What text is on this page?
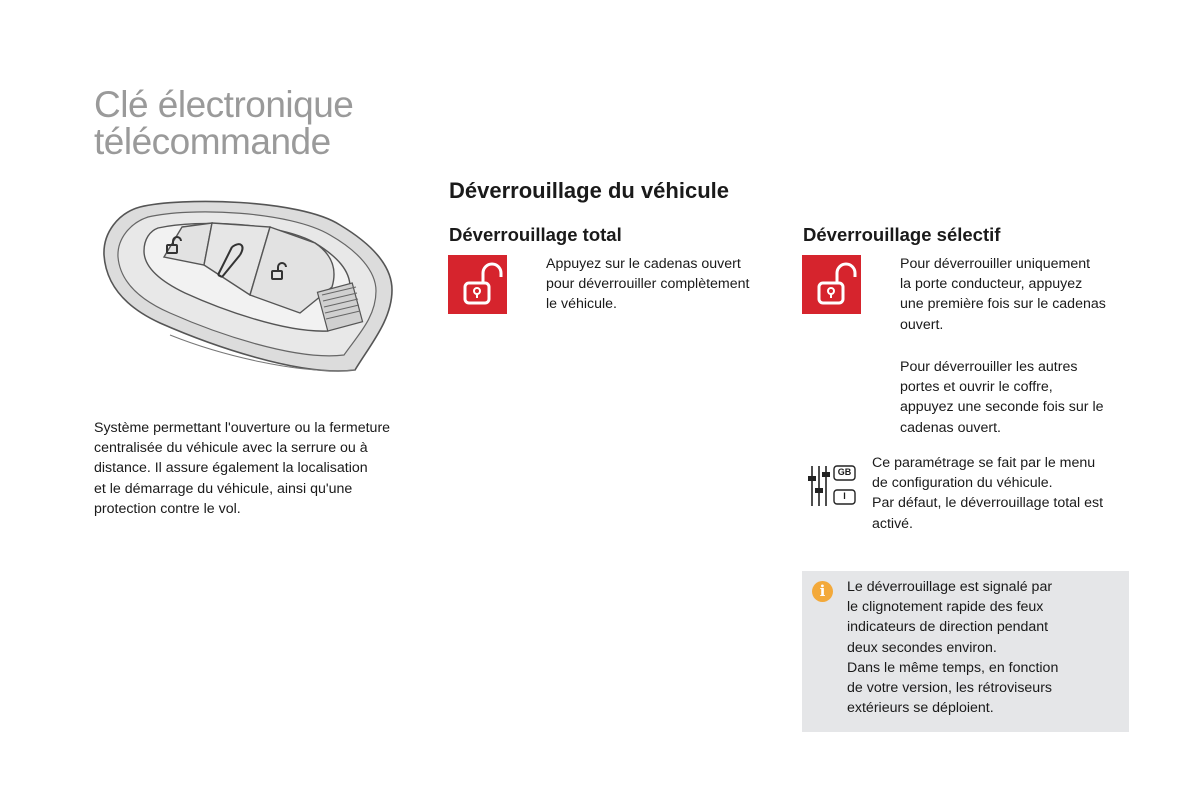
Clé électronique
télécommande
Système permettant l'ouverture ou la fermeture
centralisée du véhicule avec la serrure ou à
distance. Il assure également la localisation
et le démarrage du véhicule, ainsi qu'une
protection contre le vol.
Déverrouillage du véhicule
Déverrouillage total
Appuyez sur le cadenas ouvert
pour déverrouiller complètement
le véhicule.
Déverrouillage sélectif
Pour déverrouiller uniquement
la porte conducteur, appuyez
une première fois sur le cadenas
ouvert.
Pour déverrouiller les autres
portes et ouvrir le coffre,
appuyez une seconde fois sur le
cadenas ouvert.
GB
I
Ce paramétrage se fait par le menu
de configuration du véhicule.
Par défaut, le déverrouillage total est
activé.
i	Le déverrouillage est signalé par
le clignotement rapide des feux
indicateurs de direction pendant
deux secondes environ.
Dans le même temps, en fonction
de votre version, les rétroviseurs
extérieurs se déploient.
